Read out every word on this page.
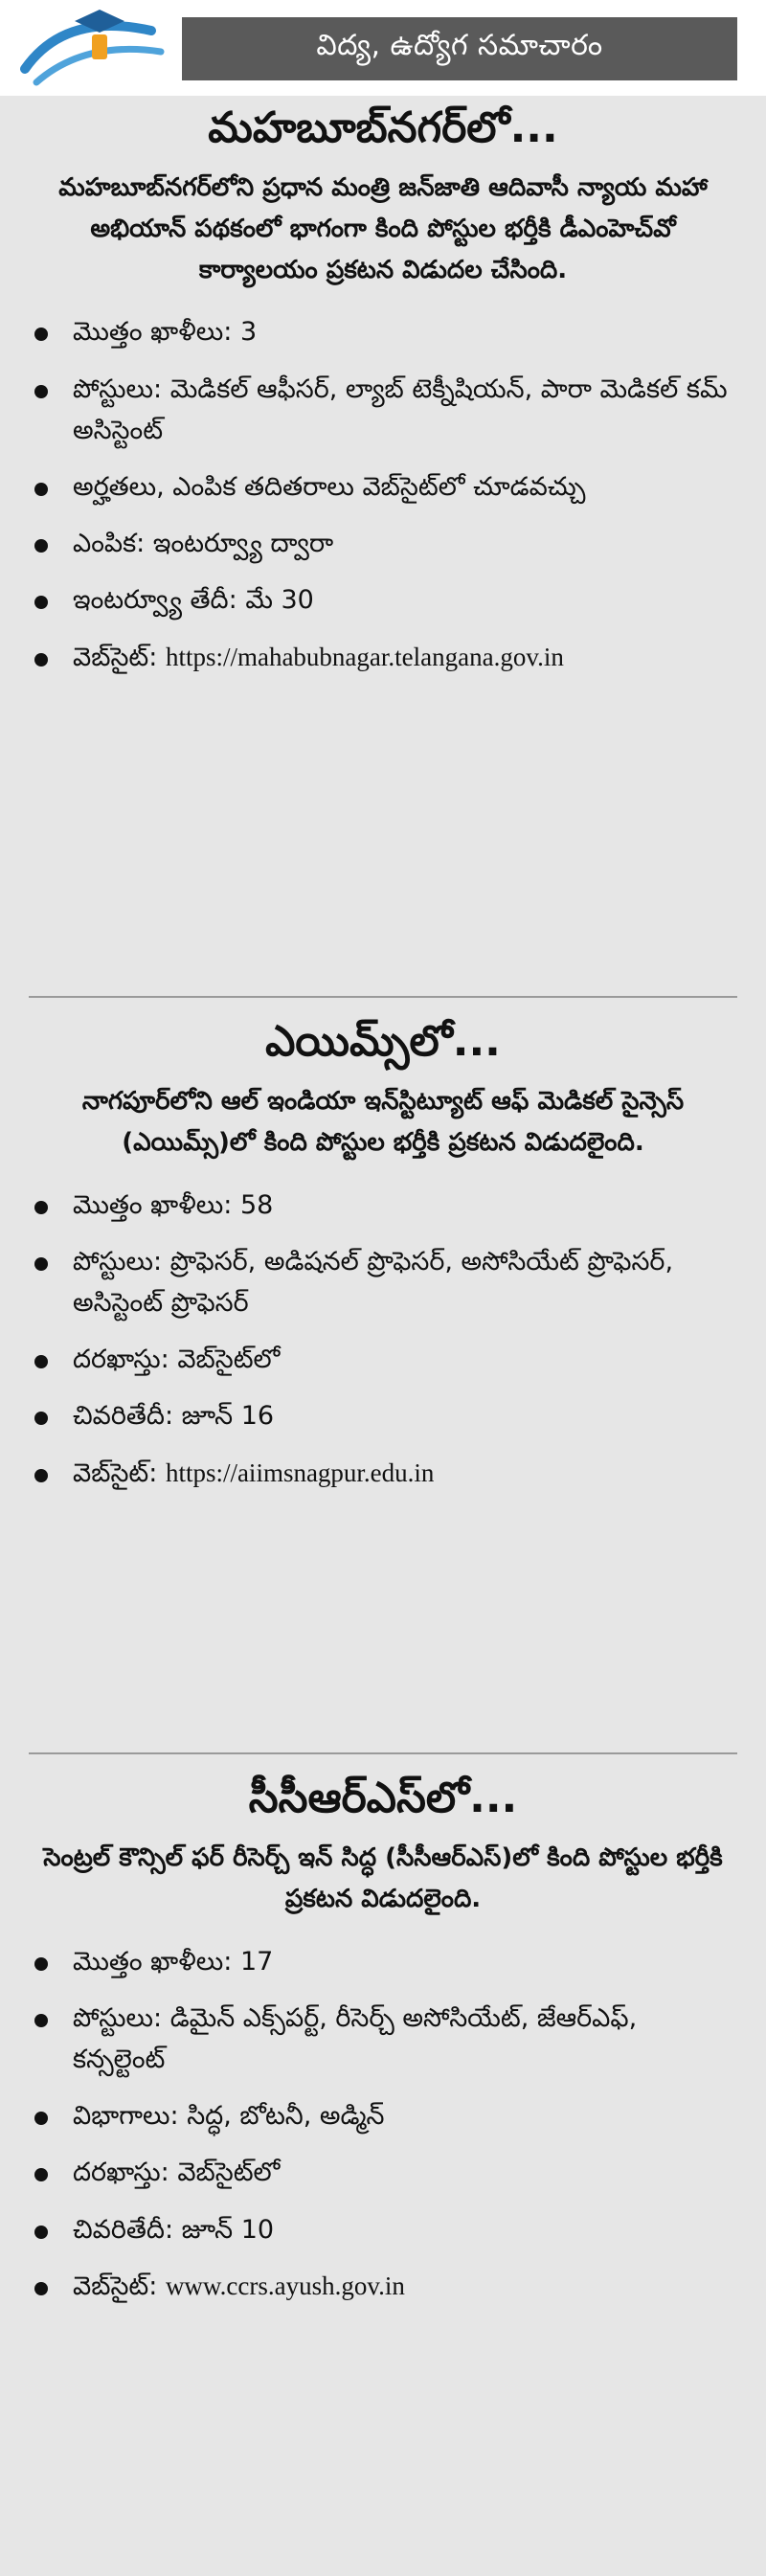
విద్య, ఉద్యోగ సమాచారం
మహబూబ్‌నగర్‌లో...
మహబూబ్‌నగర్‌లోని ప్రధాన మంత్రి జన్‌జాతి ఆదివాసీ న్యాయ మహా అభియాన్ పథకంలో భాగంగా కింది పోస్టుల భర్తీకి డీఎంహెచ్‌వో కార్యాలయం ప్రకటన విడుదల చేసింది.
మొత్తం ఖాళీలు: 3
పోస్టులు: మెడికల్ ఆఫీసర్, ల్యాబ్ టెక్నీషియన్, పారా మెడికల్ కమ్ అసిస్టెంట్
అర్హతలు, ఎంపిక తదితరాలు వెబ్‌సైట్‌లో చూడవచ్చు
ఎంపిక: ఇంటర్వ్యూ ద్వారా
ఇంటర్వ్యూ తేదీ: మే 30
వెబ్‌సైట్: https://mahabubnagar.telangana.gov.in
ఎయిమ్స్‌లో...
నాగపూర్‌లోని ఆల్ ఇండియా ఇన్‌స్టిట్యూట్ ఆఫ్ మెడికల్ సైన్సెస్ (ఎయిమ్స్)లో కింది పోస్టుల భర్తీకి ప్రకటన విడుదలైంది.
మొత్తం ఖాళీలు: 58
పోస్టులు: ప్రొఫెసర్, అడిషనల్ ప్రొఫెసర్, అసోసియేట్ ప్రొఫెసర్, అసిస్టెంట్ ప్రొఫెసర్
దరఖాస్తు: వెబ్‌సైట్‌లో
చివరితేదీ: జూన్ 16
వెబ్‌సైట్: https://aiimsnagpur.edu.in
సీసీఆర్ఎస్‌లో...
సెంట్రల్ కౌన్సిల్ ఫర్ రీసెర్చ్ ఇన్ సిద్ధ (సీసీఆర్ఎస్)లో కింది పోస్టుల భర్తీకి ప్రకటన విడుదలైంది.
మొత్తం ఖాళీలు: 17
పోస్టులు: డిమైన్ ఎక్స్‌పర్ట్, రీసెర్చ్ అసోసియేట్, జేఆర్ఎఫ్, కన్సల్టెంట్
విభాగాలు: సిద్ధ, బోటనీ, అడ్మిన్
దరఖాస్తు: వెబ్‌సైట్‌లో
చివరితేదీ: జూన్ 10
వెబ్‌సైట్: www.ccrs.ayush.gov.in
